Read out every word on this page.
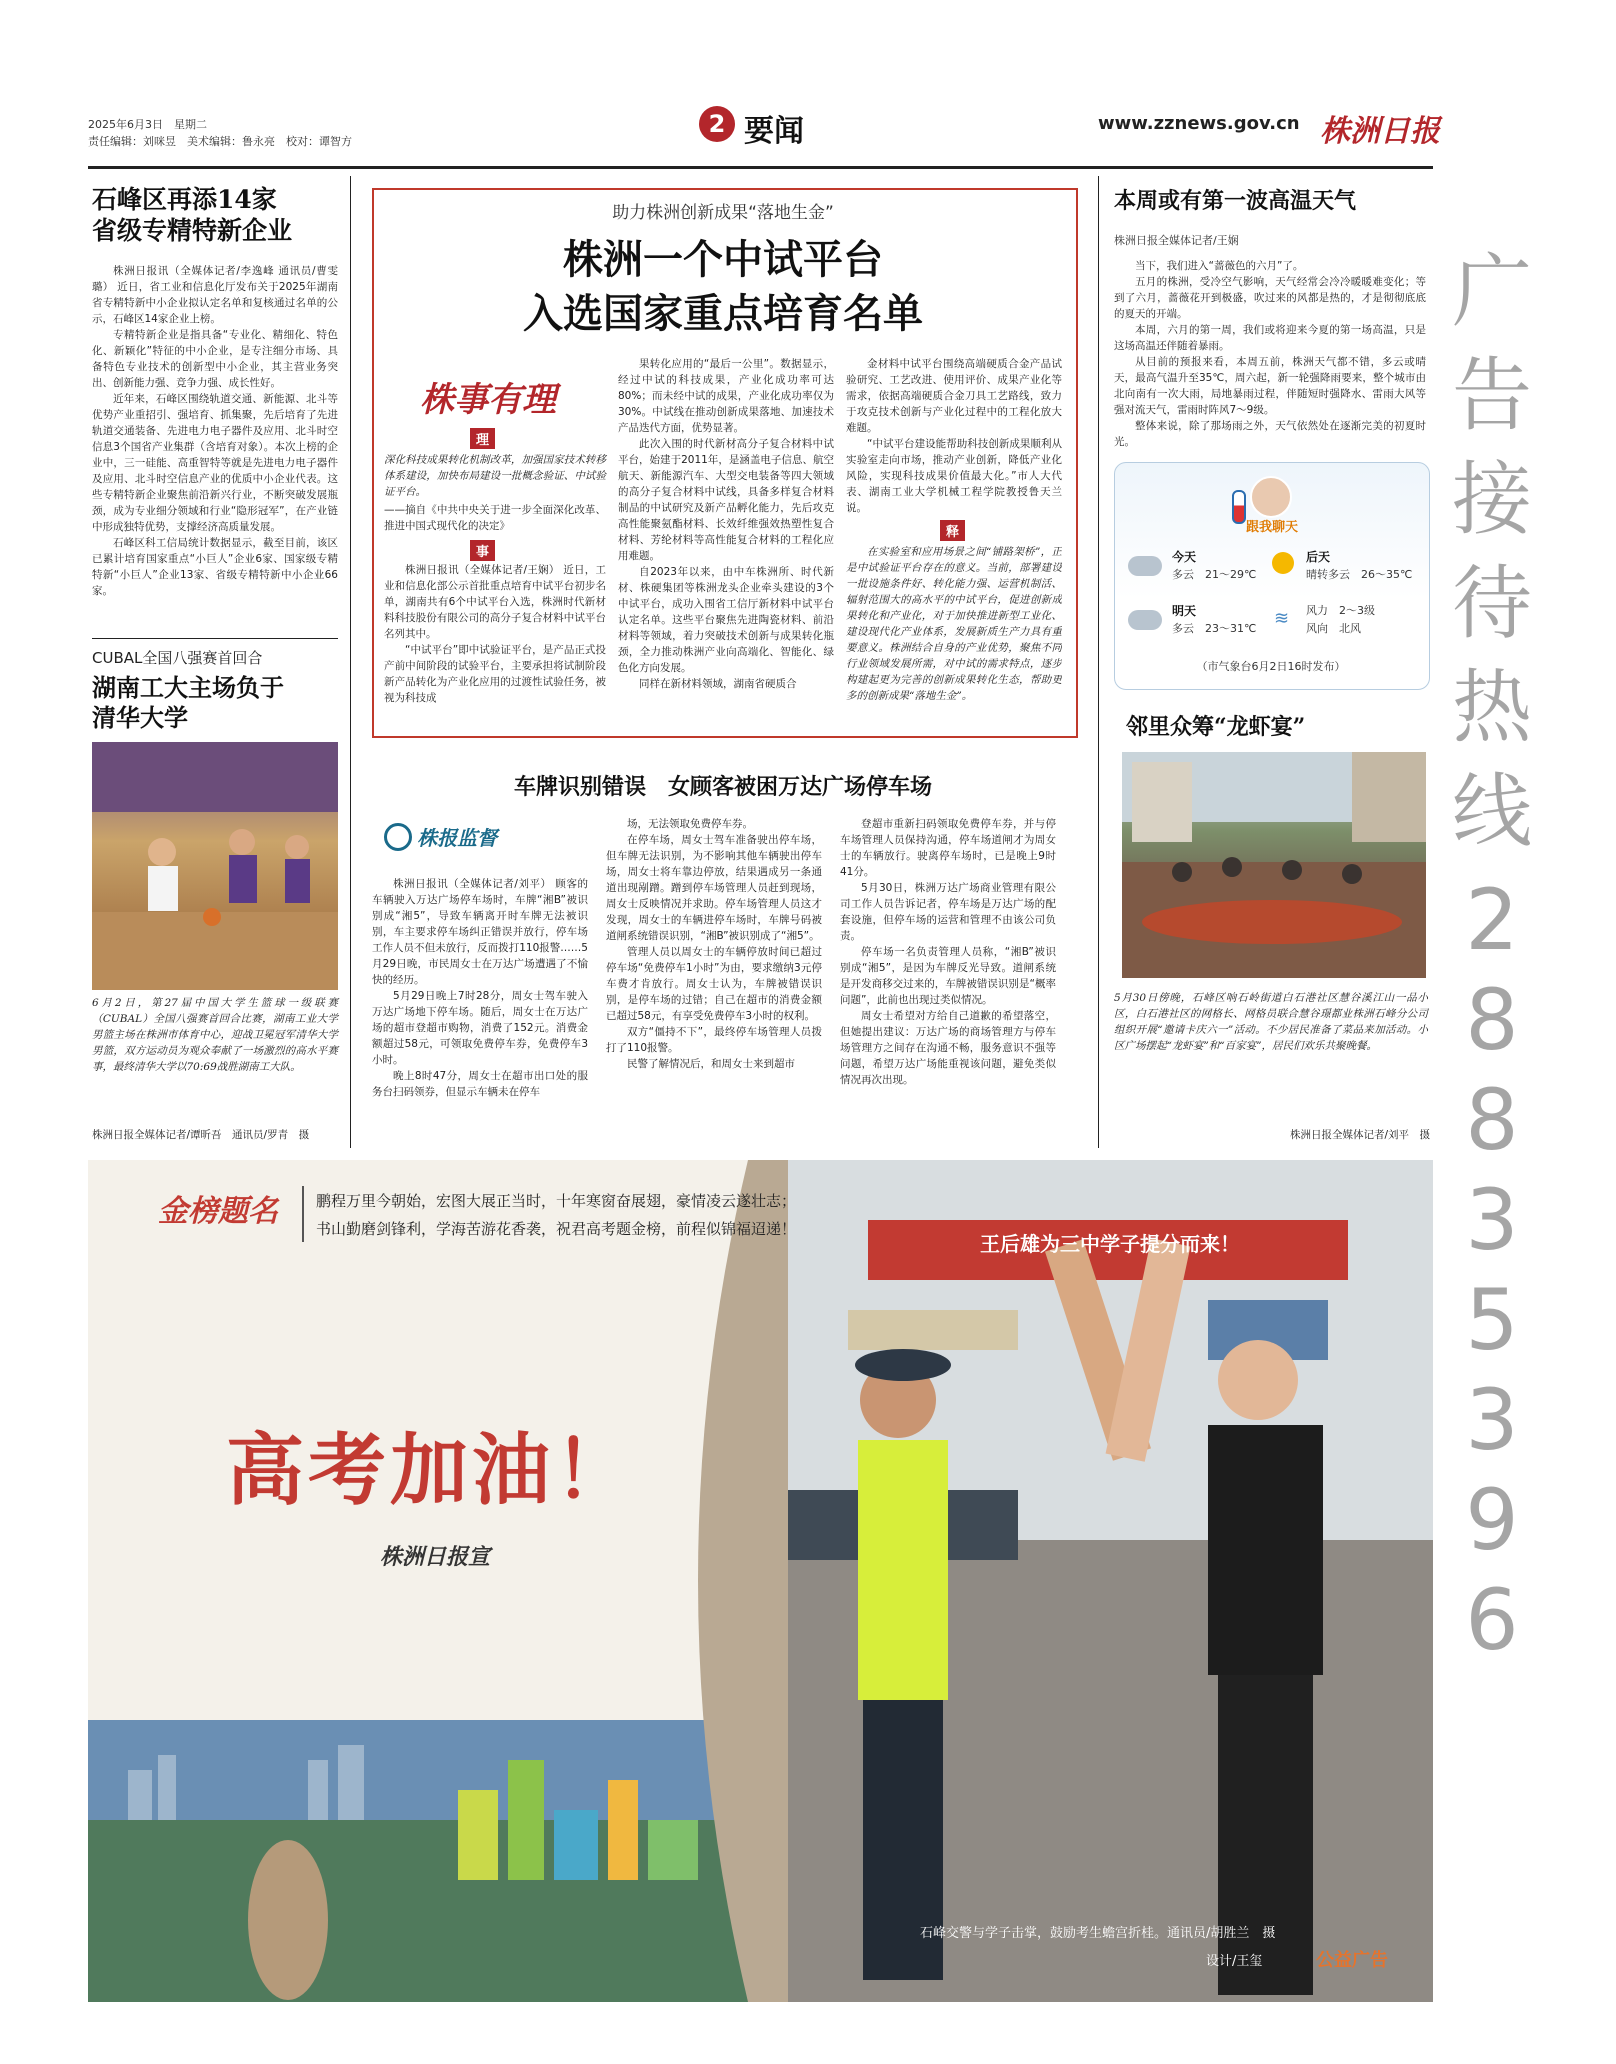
2025年6月3日　星期二
责任编辑：刘咪昱　美术编辑：鲁永亮　校对：谭智方
2 要闻	www.zznews.gov.cn 株洲日报
石峰区再添14家
省级专精特新企业

株洲日报讯（全媒体记者/李逸峰 通讯员/曹雯璐） 近日，省工业和信息化厅发布关于2025年湖南省专精特新中小企业拟认定名单和复核通过名单的公示，石峰区14家企业上榜。

专精特新企业是指具备“专业化、精细化、特色化、新颖化”特征的中小企业，是专注细分市场、具备特色专业技术的创新型中小企业，其主营业务突出、创新能力强、竞争力强、成长性好。

近年来，石峰区围绕轨道交通、新能源、北斗等优势产业重招引、强培育、抓集聚，先后培育了先进轨道交通装备、先进电力电子器件及应用、北斗时空信息3个国省产业集群（含培育对象）。本次上榜的企业中，三一硅能、高重智特等就是先进电力电子器件及应用、北斗时空信息产业的优质中小企业代表。这些专精特新企业聚焦前沿新兴行业，不断突破发展瓶颈，成为专业细分领域和行业“隐形冠军”，在产业链中形成独特优势，支撑经济高质量发展。

石峰区科工信局统计数据显示，截至目前，该区已累计培育国家重点“小巨人”企业6家、国家级专精特新“小巨人”企业13家、省级专精特新中小企业66家。

CUBAL全国八强赛首回合
湖南工大主场负于
清华大学
6月2日，第27届中国大学生篮球一级联赛（CUBAL）全国八强赛首回合比赛，湖南工业大学男篮主场在株洲市体育中心，迎战卫冕冠军清华大学男篮，双方运动员为观众奉献了一场激烈的高水平赛事，最终清华大学以70:69战胜湖南工大队。
株洲日报全媒体记者/谭昕吾　通讯员/罗青　摄
助力株洲创新成果“落地生金”
株洲一个中试平台
入选国家重点培育名单
株事有理
理
深化科技成果转化机制改革，加强国家技术转移体系建设，加快布局建设一批概念验证、中试验证平台。
——摘自《中共中央关于进一步全面深化改革、推进中国式现代化的决定》
事

株洲日报讯（全媒体记者/王娴） 近日，工业和信息化部公示首批重点培育中试平台初步名单，湖南共有6个中试平台入选，株洲时代新材料科技股份有限公司的高分子复合材料中试平台名列其中。

“中试平台”即中试验证平台，是产品正式投产前中间阶段的试验平台，主要承担将试制阶段新产品转化为产业化应用的过渡性试验任务，被视为科技成

果转化应用的“最后一公里”。数据显示，经过中试的科技成果，产业化成功率可达80%；而未经中试的成果，产业化成功率仅为30%。中试线在推动创新成果落地、加速技术产品迭代方面，优势显著。

此次入围的时代新材高分子复合材料中试平台，始建于2011年，是涵盖电子信息、航空航天、新能源汽车、大型交电装备等四大领域的高分子复合材料中试线，具备多样复合材料制品的中试研究及新产品孵化能力，先后攻克高性能聚氨酯材料、长效纤维强效热塑性复合材料、芳纶材料等高性能复合材料的工程化应用难题。

自2023年以来，由中车株洲所、时代新材、株硬集团等株洲龙头企业牵头建设的3个中试平台，成功入围省工信厅新材料中试平台认定名单。这些平台聚焦先进陶瓷材料、前沿材料等领域，着力突破技术创新与成果转化瓶颈，全力推动株洲产业向高端化、智能化、绿色化方向发展。

同样在新材料领域，湖南省硬质合

金材料中试平台围绕高端硬质合金产品试验研究、工艺改进、使用评价、成果产业化等需求，依据高端硬质合金刀具工艺路线，致力于攻克技术创新与产业化过程中的工程化放大难题。

“中试平台建设能帮助科技创新成果顺利从实验室走向市场，推动产业创新，降低产业化风险，实现科技成果价值最大化。”市人大代表、湖南工业大学机械工程学院教授鲁天兰说。

释
在实验室和应用场景之间“铺路架桥”，正是中试验证平台存在的意义。当前，部署建设一批设施条件好、转化能力强、运营机制活、辐射范围大的高水平的中试平台，促进创新成果转化和产业化，对于加快推进新型工业化、建设现代化产业体系，发展新质生产力具有重要意义。株洲结合自身的产业优势，聚焦不同行业领域发展所需，对中试的需求特点，逐步构建起更为完善的创新成果转化生态，帮助更多的创新成果“落地生金”。
车牌识别错误　女顾客被困万达广场停车场
株报监督

株洲日报讯（全媒体记者/刘平） 顾客的车辆驶入万达广场停车场时，车牌“湘B”被识别成“湘5”，导致车辆离开时车牌无法被识别，车主要求停车场纠正错误并放行，停车场工作人员不但未放行，反而拨打110报警……5月29日晚，市民周女士在万达广场遭遇了不愉快的经历。

5月29日晚上7时28分，周女士驾车驶入万达广场地下停车场。随后，周女士在万达广场的超市登超市购物，消费了152元。消费金额超过58元，可领取免费停车券，免费停车3小时。

晚上8时47分，周女士在超市出口处的服务台扫码领券，但显示车辆未在停车

场，无法领取免费停车券。

在停车场，周女士驾车准备驶出停车场，但车牌无法识别，为不影响其他车辆驶出停车场，周女士将车靠边停放，结果遇成另一条通道出现剐蹭。蹭到停车场管理人员赶到现场，周女士反映情况并求助。停车场管理人员这才发现，周女士的车辆进停车场时，车牌号码被道闸系统错误识别，“湘B”被识别成了“湘5”。

管理人员以周女士的车辆停放时间已超过停车场“免费停车1小时”为由，要求缴纳3元停车费才肯放行。周女士认为，车牌被错误识别，是停车场的过错；自己在超市的消费金额已超过58元，有享受免费停车3小时的权利。

双方“僵持不下”，最终停车场管理人员拨打了110报警。

民警了解情况后，和周女士来到超市

登超市重新扫码领取免费停车券，并与停车场管理人员保持沟通，停车场道闸才为周女士的车辆放行。驶离停车场时，已是晚上9时41分。

5月30日，株洲万达广场商业管理有限公司工作人员告诉记者，停车场是万达广场的配套设施，但停车场的运营和管理不由该公司负责。

停车场一名负责管理人员称，“湘B”被识别成“湘5”，是因为车牌反光导致。道闸系统是开发商移交过来的，车牌被错误识别是“概率问题”，此前也出现过类似情况。

周女士希望对方给自己道歉的希望落空，但她提出建议：万达广场的商场管理方与停车场管理方之间存在沟通不畅，服务意识不强等问题，希望万达广场能重视该问题，避免类似情况再次出现。

本周或有第一波高温天气
株洲日报全媒体记者/王娴

当下，我们进入“蔷薇色的六月”了。

五月的株洲，受冷空气影响，天气经常会冷冷暖暖难变化；等到了六月，蔷薇花开到极盛，吹过来的风都是热的，才是彻彻底底的夏天的开端。

本周，六月的第一周，我们或将迎来今夏的第一场高温，只是这场高温还伴随着暴雨。

从目前的预报来看，本周五前，株洲天气都不错，多云或晴天，最高气温升至35℃，周六起，新一轮强降雨要来，整个城市由北向南有一次大雨，局地暴雨过程，伴随短时强降水、雷雨大风等强对流天气，雷雨时阵风7～9级。

整体来说，除了那场雨之外，天气依然处在逐渐完美的初夏时光。

跟我聊天
今天
多云　21～29℃
后天
晴转多云　26～35℃
明天
多云　23～31℃ ≋ 风力　2～3级
风向　北风
（市气象台6月2日16时发布）
邻里众筹“龙虾宴”
5月30日傍晚，石峰区响石岭街道白石港社区慧谷溪江山一品小区，白石港社区的网格长、网格员联合慧谷璟都业株洲石峰分公司组织开展“邀请卡庆六一”活动。不少居民准备了菜品来加活动。小区广场摆起“龙虾宴”和“百家宴”，居民们欢乐共聚晚餐。
株洲日报全媒体记者/刘平　摄
广告接待热线
28835396
金榜题名	鹏程万里今朝始，宏图大展正当时，十年寒窗奋展翅，豪情凌云遂壮志；
书山勤磨剑锋利，学海苦游花香袭，祝君高考题金榜，前程似锦福迢递！
王后雄为三中学子提分而来！
高考加油！
株洲日报宣
石峰交警与学子击掌，鼓励考生蟾宫折桂。通讯员/胡胜兰　摄
设计/王玺	公益广告
